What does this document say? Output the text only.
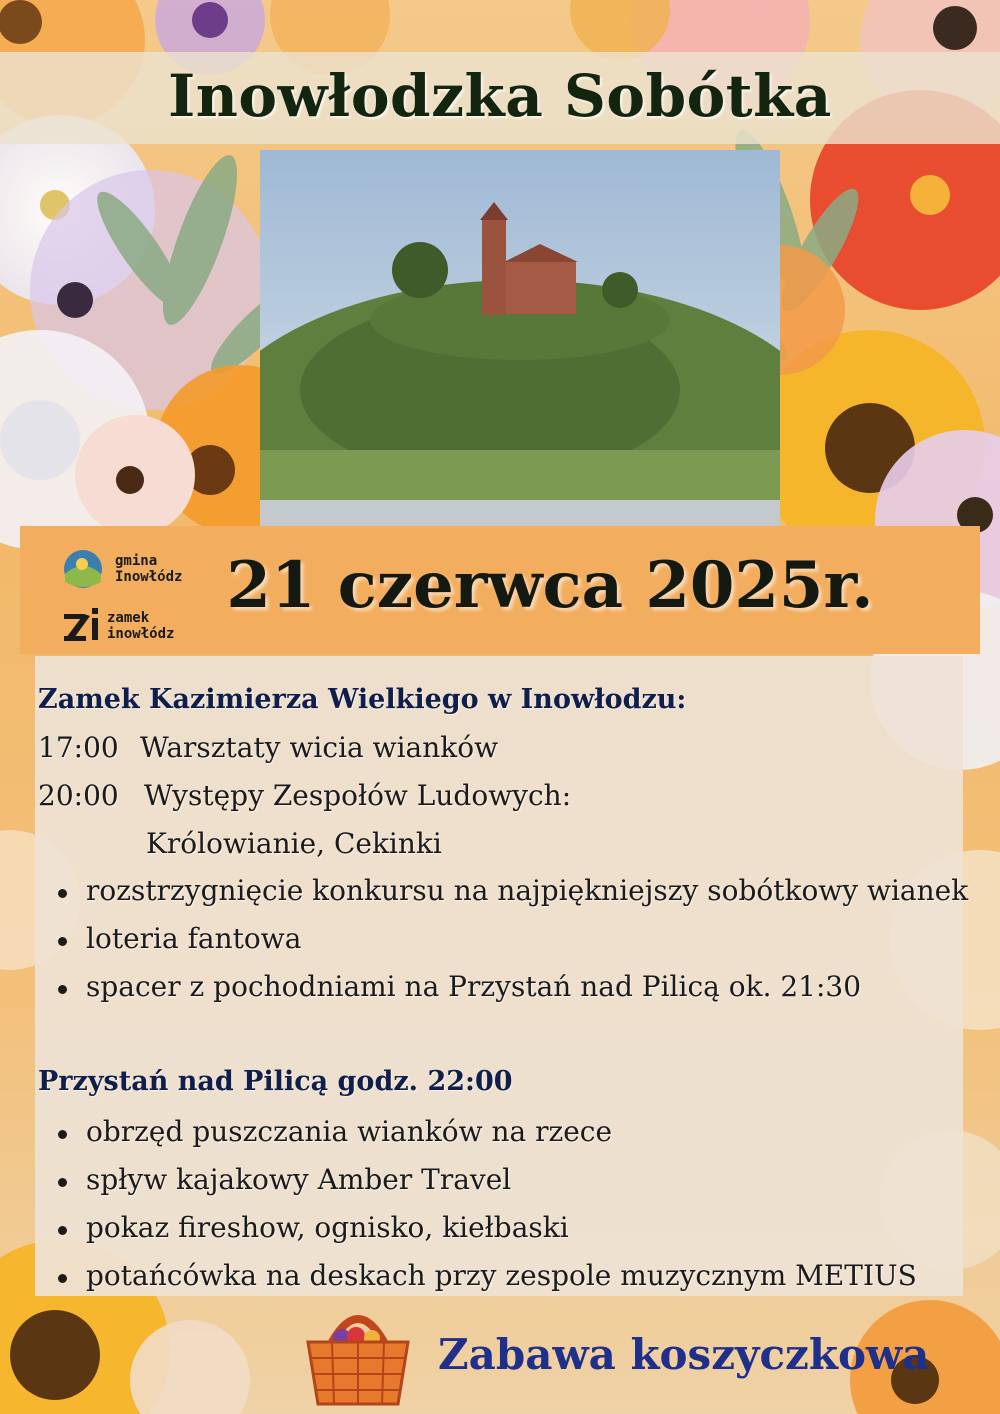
Inowłodzka Sobótka
gmina
Inowłódz
zamek
inowłódz
21 czerwca 2025r.
Zamek Kazimierza Wielkiego w Inowłodzu:
17:00 Warsztaty wicia wianków
20:00 Występy Zespołów Ludowych:
Królowianie, Cekinki
rozstrzygnięcie konkursu na najpiękniejszy sobótkowy wianek
loteria fantowa
spacer z pochodniami na Przystań nad Pilicą ok. 21:30
Przystań nad Pilicą godz. 22:00
obrzęd puszczania wianków na rzece
spływ kajakowy Amber Travel
pokaz fireshow, ognisko, kiełbaski
potańcówka na deskach przy zespole muzycznym METIUS
Zabawa koszyczkowa
